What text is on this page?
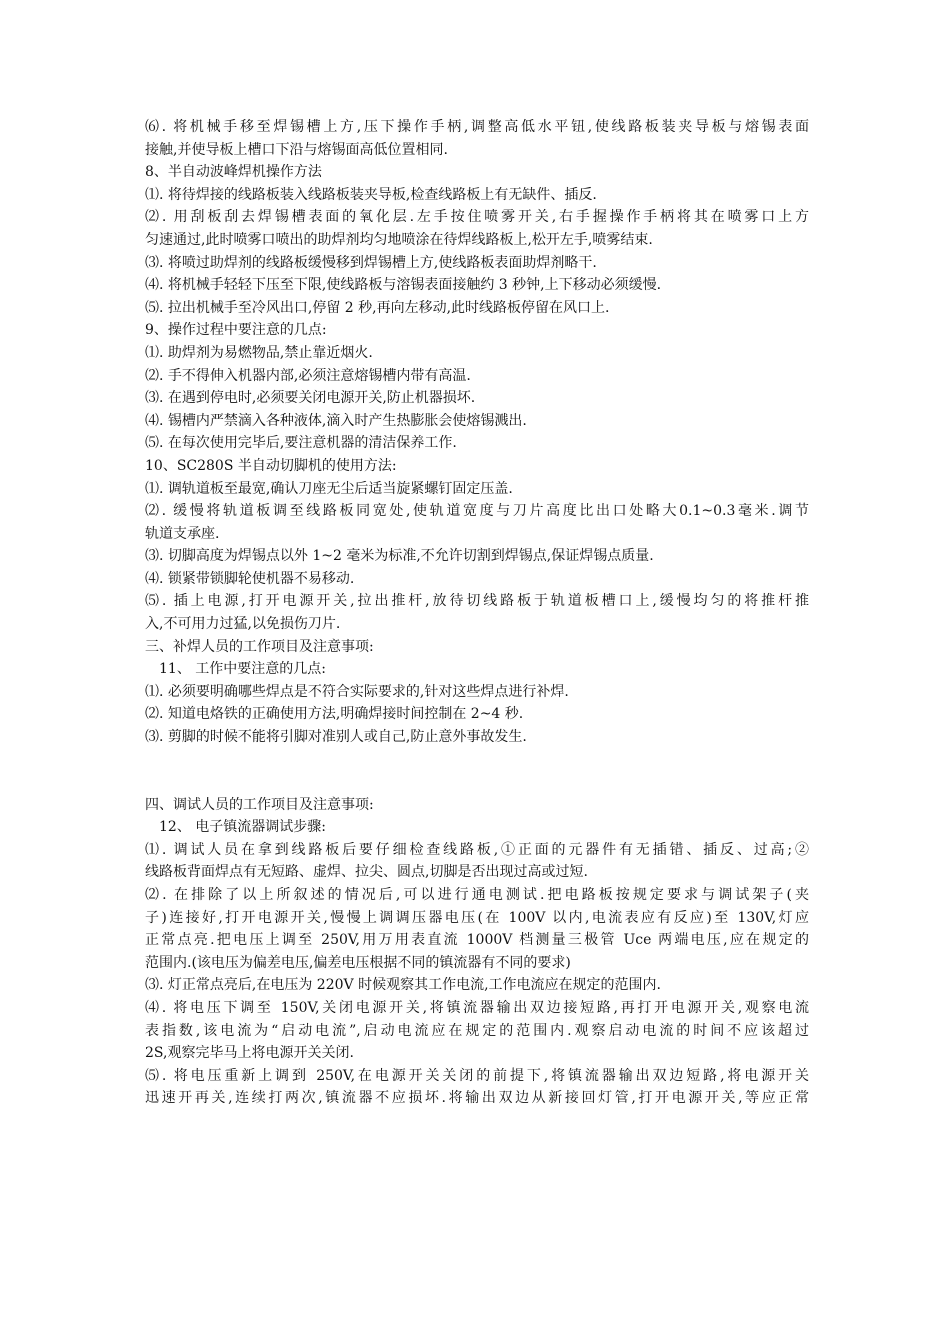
⑹. 将机械手移至焊锡槽上方,压下操作手柄,调整高低水平钮,使线路板装夹导板与熔锡表面
接触,并使导板上槽口下沿与熔锡面高低位置相同.
8、半自动波峰焊机操作方法
⑴. 将待焊接的线路板装入线路板装夹导板,检查线路板上有无缺件、插反.
⑵. 用刮板刮去焊锡槽表面的氧化层.左手按住喷雾开关,右手握操作手柄将其在喷雾口上方
匀速通过,此时喷雾口喷出的助焊剂均匀地喷涂在待焊线路板上,松开左手,喷雾结束.
⑶. 将喷过助焊剂的线路板缓慢移到焊锡槽上方,使线路板表面助焊剂略干.
⑷. 将机械手轻轻下压至下限,使线路板与溶锡表面接触约 3 秒钟,上下移动必须缓慢.
⑸. 拉出机械手至冷风出口,停留 2 秒,再向左移动,此时线路板停留在风口上.
9、操作过程中要注意的几点:
⑴. 助焊剂为易燃物品,禁止靠近烟火.
⑵. 手不得伸入机器内部,必须注意熔锡槽内带有高温.
⑶. 在遇到停电时,必须要关闭电源开关,防止机器损坏.
⑷. 锡槽内严禁滴入各种液体,滴入时产生热膨胀会使熔锡溅出.
⑸. 在每次使用完毕后,要注意机器的清洁保养工作.
10、SC280S 半自动切脚机的使用方法:
⑴. 调轨道板至最宽,确认刀座无尘后适当旋紧螺钉固定压盖.
⑵. 缓慢将轨道板调至线路板同宽处,使轨道宽度与刀片高度比出口处略大0.1~0.3毫米.调节
轨道支承座.
⑶. 切脚高度为焊锡点以外 1~2 毫米为标准,不允许切割到焊锡点,保证焊锡点质量.
⑷. 锁紧带锁脚轮使机器不易移动.
⑸. 插上电源,打开电源开关,拉出推杆,放待切线路板于轨道板槽口上,缓慢均匀的将推杆推
入,不可用力过猛,以免损伤刀片.
三、补焊人员的工作项目及注意事项:
11、 工作中要注意的几点:
⑴. 必须要明确哪些焊点是不符合实际要求的,针对这些焊点进行补焊.
⑵. 知道电烙铁的正确使用方法,明确焊接时间控制在 2~4 秒.
⑶. 剪脚的时候不能将引脚对准别人或自己,防止意外事故发生.
四、调试人员的工作项目及注意事项:
12、 电子镇流器调试步骤:
⑴. 调试人员在拿到线路板后要仔细检查线路板,①正面的元器件有无插错、插反、过高;②
线路板背面焊点有无短路、虚焊、拉尖、圆点,切脚是否出现过高或过短.
⑵. 在排除了以上所叙述的情况后,可以进行通电测试.把电路板按规定要求与调试架子(夹
子)连接好,打开电源开关,慢慢上调调压器电压(在 100V 以内,电流表应有反应)至 130V,灯应
正常点亮.把电压上调至 250V,用万用表直流 1000V 档测量三极管 Uce 两端电压,应在规定的
范围内.(该电压为偏差电压,偏差电压根据不同的镇流器有不同的要求)
⑶. 灯正常点亮后,在电压为 220V 时候观察其工作电流,工作电流应在规定的范围内.
⑷. 将电压下调至 150V,关闭电源开关,将镇流器输出双边接短路,再打开电源开关,观察电流
表指数,该电流为“启动电流”,启动电流应在规定的范围内.观察启动电流的时间不应该超过
2S,观察完毕马上将电源开关关闭.
⑸. 将电压重新上调到 250V,在电源开关关闭的前提下,将镇流器输出双边短路,将电源开关
迅速开再关,连续打两次,镇流器不应损坏.将输出双边从新接回灯管,打开电源开关,等应正常
